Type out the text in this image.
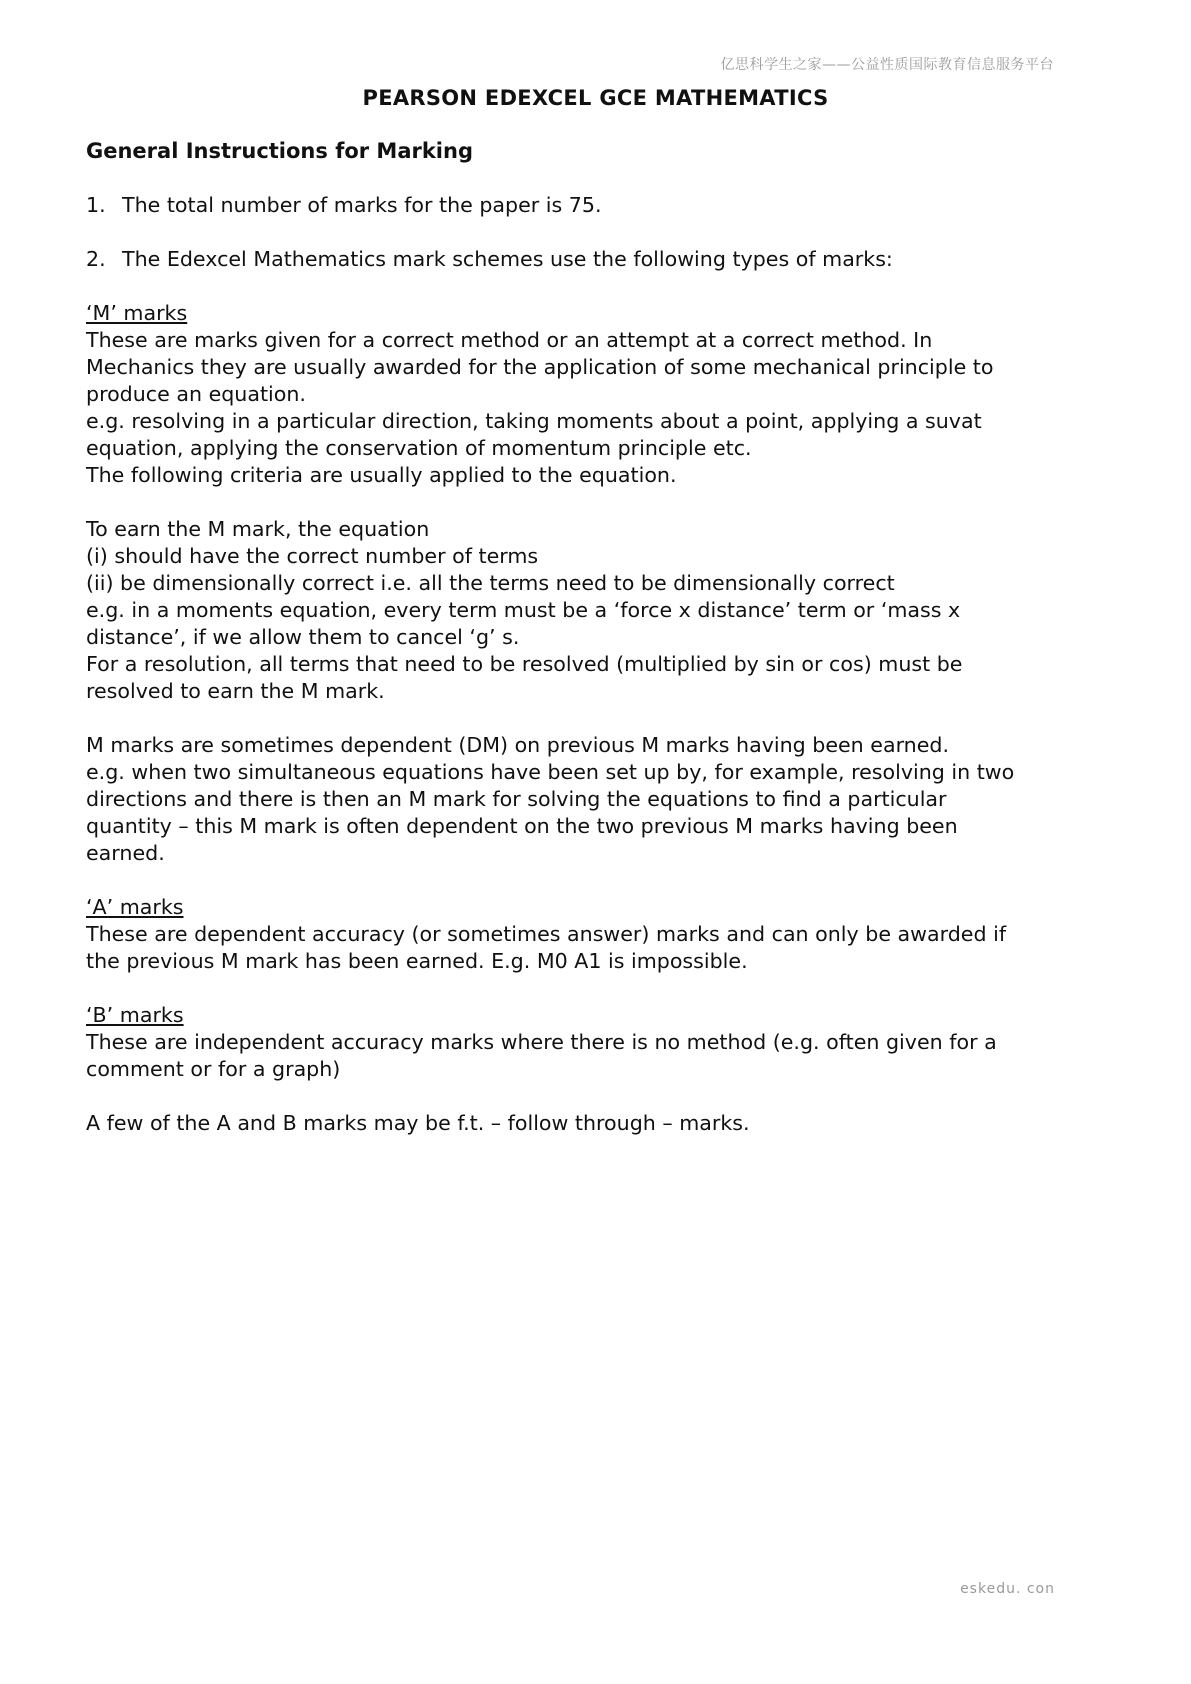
亿思科学生之家——公益性质国际教育信息服务平台
PEARSON EDEXCEL GCE MATHEMATICS
General Instructions for Marking
1. The total number of marks for the paper is 75.
2. The Edexcel Mathematics mark schemes use the following types of marks:
‘M’ marks
These are marks given for a correct method or an attempt at a correct method. In
Mechanics they are usually awarded for the application of some mechanical principle to
produce an equation.
e.g. resolving in a particular direction, taking moments about a point, applying a suvat
equation, applying the conservation of momentum principle etc.
The following criteria are usually applied to the equation.
To earn the M mark, the equation
(i) should have the correct number of terms
(ii) be dimensionally correct i.e. all the terms need to be dimensionally correct
e.g. in a moments equation, every term must be a ‘force x distance’ term or ‘mass x
distance’, if we allow them to cancel ‘g’ s.
For a resolution, all terms that need to be resolved (multiplied by sin or cos) must be
resolved to earn the M mark.
M marks are sometimes dependent (DM) on previous M marks having been earned.
e.g. when two simultaneous equations have been set up by, for example, resolving in two
directions and there is then an M mark for solving the equations to find a particular
quantity – this M mark is often dependent on the two previous M marks having been
earned.
‘A’ marks
These are dependent accuracy (or sometimes answer) marks and can only be awarded if
the previous M mark has been earned. E.g. M0 A1 is impossible.
‘B’ marks
These are independent accuracy marks where there is no method (e.g. often given for a
comment or for a graph)
A few of the A and B marks may be f.t. – follow through – marks.
eskedu. con
